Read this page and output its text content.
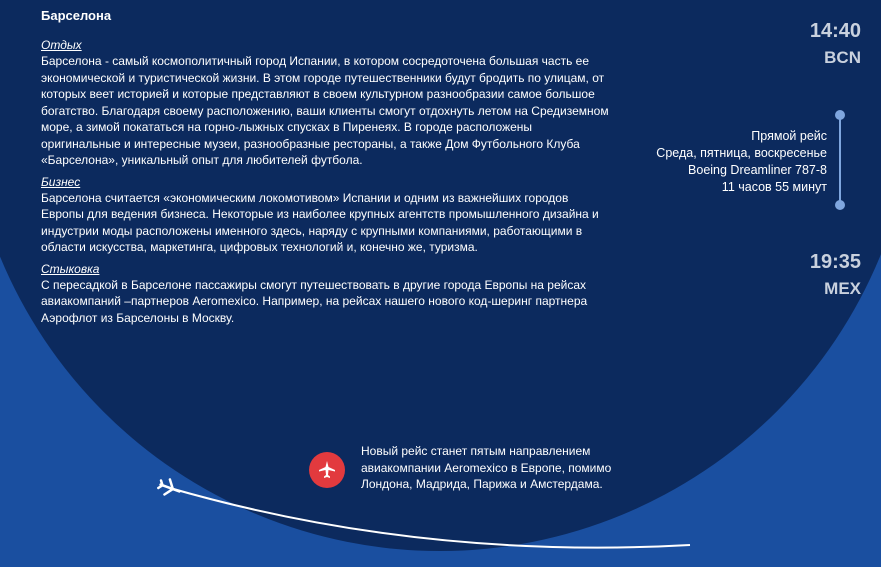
Барселона
Отдых
Барселона - самый космополитичный город Испании, в котором сосредоточена большая часть ее экономической и туристической жизни. В этом городе путешественники будут бродить по улицам, от которых веет историей и которые представляют в своем культурном разнообразии самое большое богатство. Благодаря своему расположению, ваши клиенты смогут отдохнуть летом на Средиземном море, а зимой покататься на горно-лыжных спусках в Пиренеях. В городе расположены оригинальные и интересные музеи, разнообразные рестораны, а также Дом Футбольного Клуба «Барселона», уникальный опыт для любителей футбола.
Бизнес
Барселона считается «экономическим локомотивом» Испании и одним из важнейших городов Европы для ведения бизнеса. Некоторые из наиболее крупных агентств промышленного дизайна и индустрии моды расположены именного здесь, наряду с крупными компаниями, работающими в области искусства, маркетинга, цифровых технологий и, конечно же, туризма.
Стыковка
С пересадкой в Барселоне пассажиры смогут путешествовать в другие города Европы на рейсах авиакомпаний –партнеров Aeromexico. Например, на рейсах нашего нового код-шеринг партнера Аэрофлот из Барселоны в Москву.
14:40
BCN
Прямой рейс
Среда, пятница, воскресенье
Boeing Dreamliner 787-8
11 часов 55 минут
19:35
MEX
Новый рейс станет пятым направлением авиакомпании Aeromexico в Европе, помимо Лондона, Мадрида, Парижа и Амстердама.
